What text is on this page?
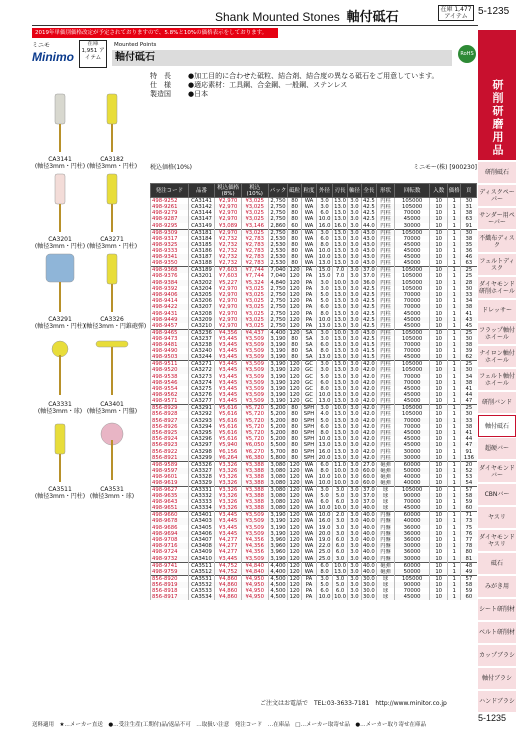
Shank Mounted Stones 軸付砥石
在庫 1,477アイテム	5-1235
2019年単価別価格改定が予定されておりますので、5.8%と10%の価格表示をしております。
ミニモ
Minimo
在庫 1,951 アイテム
Mounted Points
軸付砥石	RoHS
特　長 ●加工目的に合わせた砥粒、結合剤、結合度の異なる砥石をご用意しています。
仕　様 ●適応素材：工具鋼、合金鋼、一般鋼、ステンレス
製造国 ●日本	研削研磨用品
研削砥石
ディスクペーパー
サンダー用ペーパー
不織布ディスク
フェルトディスク
ダイヤモンド研削ホイール
ドレッサー
フラップ軸付ホイール
ナイロン軸付ホイール
フェルト軸付ホイール
研削バンド
軸付砥石
超硬バー
ダイヤモンドバー
CBNバー
ヤスリ
ダイヤモンドヤスリ
砥石
みがき用
シート研削材
ベルト研削材
カップブラシ
軸付ブラシ
ハンドブラシ
CA3141
(軸径3mm・円柱)
CA3182
(軸径3mm・円柱)
CA3201
(軸径3mm・円柱)
CA3271
(軸径3mm・円柱)
CA3291
(軸径3mm・円柱)
CA3326
(軸径3mm・円錐砲弾)
CA3331
(軸径3mm・球)
CA3401
(軸径3mm・円盤)
CA3511
(軸径3mm・円柱)
CA3531
(軸径3mm・球)
税込価格(10%)	ミニモー(株) [900230]
発注コード	品番	税込価格(8%)	税込(10%)	パック	砥粒	粒度	外径	刃長	軸径	全長	形状	回転数	入数	価格	頁
498-9252	CA3141	¥2,970	¥3,025	2,750	80	WA	3.0	13.0	3.0	42.5	円柱	105000	10	1	30
498-9261	CA3142	¥2,970	¥3,025	2,750	80	WA	3.0	13.0	3.0	42.5	円柱	105000	10	1	31
498-9279	CA3144	¥2,970	¥3,025	2,750	80	WA	6.0	13.0	3.0	42.5	円柱	70000	10	1	38
498-9287	CA3147	¥2,970	¥3,025	2,750	80	WA	10.0	13.0	3.0	42.5	円柱	45000	10	1	63
498-9295	CA3149	¥3,089	¥3,146	2,860	60	WA	16.0	16.0	3.0	44.0	円柱	30000	10	1	91
498-9309	CA3181	¥2,970	¥3,025	2,750	80	WA	3.0	13.0	3.0	43.0	円柱	105000	10	1	30
498-9317	CA3184	¥2,732	¥2,783	2,530	80	WA	6.0	13.0	3.0	43.0	円柱	70000	10	1	38
498-9325	CA3185	¥2,732	¥2,783	2,530	80	WA	8.0	13.0	3.0	43.0	円柱	45000	10	1	35
498-9333	CA3186	¥2,732	¥2,783	2,530	80	WA	10.0	13.0	3.0	43.0	円柱	45000	10	1	36
498-9341	CA3187	¥2,732	¥2,783	2,530	80	WA	10.0	13.0	3.0	43.0	円柱	45000	10	1	46
498-9350	CA3188	¥2,732	¥2,783	2,530	80	WA	13.0	13.0	3.0	43.0	円柱	45000	10	1	63
498-9368	CA3189	¥7,603	¥7,744	7,040	120	PA	15.0	7.0	3.0	37.0	円柱	105000	10	1	25
498-9376	CA3201	¥7,603	¥7,744	7,040	120	PA	15.0	7.0	3.0	37.0	円柱	105000	10	1	25
498-9384	CA3202	¥5,227	¥5,324	4,840	120	PA	3.0	10.0	3.0	36.0	円柱	105000	10	1	28
498-9392	CA3204	¥2,970	¥3,025	2,750	120	PA	3.0	13.0	3.0	42.5	円柱	105000	10	1	30
498-9406	CA3205	¥2,970	¥3,025	2,750	120	PA	5.0	13.0	3.0	42.5	円柱	70000	10	1	33
498-9414	CA3206	¥2,970	¥3,025	2,750	120	PA	5.0	13.0	3.0	42.5	円柱	70000	10	1	34
498-9422	CA3207	¥2,970	¥3,025	2,750	120	PA	6.0	13.0	3.0	42.5	円柱	70000	10	1	38
498-9431	CA3208	¥2,970	¥3,025	2,750	120	PA	8.0	13.0	3.0	42.5	円柱	45000	10	1	41
498-9449	CA3209	¥2,970	¥3,025	2,750	120	PA	10.0	13.0	3.0	42.5	円柱	45000	10	1	43
498-9457	CA3210	¥2,970	¥3,025	2,750	120	PA	13.0	13.0	3.0	42.5	円柱	45000	10	1	45
498-9465	CA3236	¥4,356	¥4,437	4,400	120	SA	3.0	10.0	3.0	43.0	円柱	105000	10	1	25
498-9473	CA3237	¥3,445	¥3,509	3,190	80	SA	3.0	13.0	3.0	42.5	円柱	105000	10	1	30
498-9481	CA3238	¥3,445	¥3,509	3,190	80	SA	6.0	13.0	3.0	41.5	円柱	70000	10	1	38
498-9490	CA3240	¥3,445	¥3,509	3,190	80	SA	8.0	13.0	3.0	41.5	円柱	70000	10	1	39
498-9503	CA3244	¥3,445	¥3,509	3,190	80	SA	13.0	13.0	3.0	41.5	円柱	45000	10	1	62
498-9511	CA3271	¥3,445	¥3,509	3,190	120	GC	3.0	13.0	3.0	42.0	円柱	105000	10	1	25
498-9520	CA3272	¥3,445	¥3,509	3,190	120	GC	3.0	13.0	3.0	42.0	円柱	105000	10	1	30
498-9538	CA3273	¥3,445	¥3,509	3,190	120	GC	5.0	13.0	3.0	42.0	円柱	70000	10	1	34
498-9546	CA3274	¥3,445	¥3,509	3,190	120	GC	6.0	13.0	3.0	42.0	円柱	70000	10	1	38
498-9554	CA3275	¥3,445	¥3,509	3,190	120	GC	8.0	13.0	3.0	42.0	円柱	45000	10	1	41
498-9562	CA3276	¥3,445	¥3,509	3,190	120	GC	10.0	13.0	3.0	42.0	円柱	45000	10	1	44
498-9571	CA3277	¥3,445	¥3,509	3,190	120	GC	13.0	13.0	3.0	42.0	円柱	45000	10	1	47
856-8929	CA3291	¥5,616	¥5,720	5,200	80	SPH	3.0	10.0	3.0	42.0	円柱	105000	10	1	25
856-8928	CA3292	¥5,616	¥5,720	5,200	80	SPH	4.0	13.0	3.0	42.0	円柱	105000	10	1	30
856-8927	CA3293	¥5,616	¥5,720	5,200	80	SPH	5.0	13.0	3.0	42.0	円柱	70000	10	1	33
856-8926	CA3294	¥5,616	¥5,720	5,200	80	SPH	6.0	13.0	3.0	42.0	円柱	70000	10	1	38
856-8925	CA3295	¥5,616	¥5,720	5,200	80	SPH	8.0	13.0	3.0	42.0	円柱	45000	10	1	41
856-8924	CA3296	¥5,616	¥5,720	5,200	80	SPH	10.0	13.0	3.0	42.0	円柱	45000	10	1	44
856-8923	CA3297	¥5,940	¥6,050	5,500	80	SPH	13.0	13.0	3.0	42.0	円柱	45000	10	1	47
856-8922	CA3298	¥6,156	¥6,270	5,700	80	SPH	16.0	13.0	3.0	42.0	円柱	30000	10	1	91
856-8921	CA3299	¥6,264	¥6,380	5,800	80	SPH	20.0	13.0	3.0	42.0	円柱	30000	10	1	136
498-9589	CA3326	¥3,326	¥3,388	3,080	120	WA	6.0	11.0	3.0	27.0	砲弾	60000	10	1	20
498-9597	CA3327	¥3,326	¥3,388	3,080	120	WA	8.0	10.0	3.0	60.0	砲弾	50000	10	1	52
498-9601	CA3328	¥3,326	¥3,388	3,080	120	WA	10.0	10.0	3.0	60.0	砲弾	40000	10	1	53
498-9619	CA3329	¥3,326	¥3,388	3,080	120	WA	10.0	10.0	3.0	60.0	砲弾	40000	10	1	54
498-9627	CA3331	¥3,326	¥3,388	3,080	120	WA	3.0	3.0	3.0	37.0	球	105000	10	1	57
498-9635	CA3332	¥3,326	¥3,388	3,080	120	WA	5.0	5.0	3.0	37.0	球	90000	10	1	58
498-9643	CA3333	¥3,326	¥3,388	3,080	120	WA	6.0	6.0	3.0	37.0	球	70000	10	1	59
498-9651	CA3334	¥3,326	¥3,388	3,080	120	WA	10.0	10.0	3.0	40.0	球	45000	10	1	60
498-9660	CA3401	¥3,445	¥3,509	3,190	120	WA	10.0	2.0	3.0	40.0	円盤	60000	10	1	71
498-9678	CA3403	¥3,445	¥3,509	3,190	120	WA	16.0	3.0	3.0	40.0	円盤	40000	10	1	73
498-9686	CA3405	¥3,445	¥3,509	3,190	120	WA	19.0	3.0	3.0	40.0	円盤	36000	10	1	75
498-9694	CA3406	¥3,445	¥3,509	3,190	120	WA	20.0	3.0	3.0	40.0	円盤	36000	10	1	76
498-9708	CA3407	¥4,277	¥4,356	3,960	120	WA	19.0	6.0	3.0	40.0	円盤	36000	10	1	77
498-9716	CA3408	¥4,277	¥4,356	3,960	120	WA	22.0	6.0	3.0	40.0	円盤	30000	10	1	78
498-9724	CA3409	¥4,277	¥4,356	3,960	120	WA	25.0	6.0	3.0	40.0	円盤	36000	10	1	80
498-9732	CA3410	¥3,445	¥3,509	3,190	120	WA	25.0	3.0	3.0	40.0	円盤	30000	10	1	81
498-9741	CA3511	¥4,752	¥4,840	4,400	120	WA	6.0	10.0	3.0	40.0	砲弾	60000	10	1	48
498-9759	CA3512	¥4,752	¥4,840	4,400	120	WA	8.0	13.0	3.0	40.0	砲弾	50000	10	1	49
856-8920	CA3531	¥4,860	¥4,950	4,500	120	PA	3.0	3.0	3.0	30.0	球	105000	10	1	57
856-8919	CA3532	¥4,860	¥4,950	4,500	120	PA	5.0	5.0	3.0	30.0	球	90000	10	1	58
856-8918	CA3533	¥4,860	¥4,950	4,500	120	PA	6.0	6.0	3.0	30.0	球	70000	10	1	59
856-8917	CA3534	¥4,860	¥4,950	4,500	120	PA	10.0	10.0	3.0	30.0	球	45000	10	1	60
ご注文はお電話で　TEL:03-3633-7181　http://www.minitor.co.jp
送料適用　★…メーカー直送　●…受注生産(工期付)品/返品不可　…取扱い注意　発注コード　…在庫品　□…メーカー取寄せ品　●…メーカー取り寄せ在庫品
5-1235
